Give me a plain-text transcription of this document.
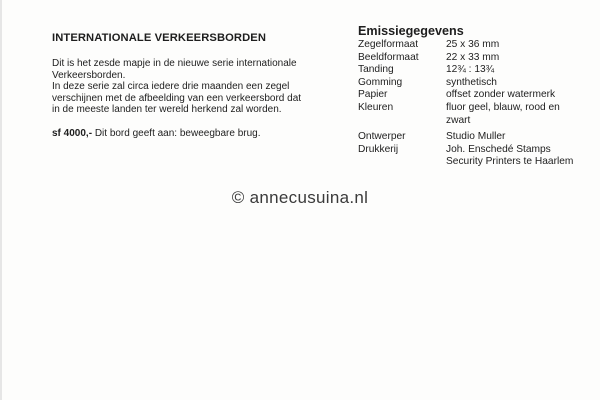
INTERNATIONALE VERKEERSBORDEN

Dit is het zesde mapje in de nieuwe serie internationale
Verkeersborden.
In deze serie zal circa iedere drie maanden een zegel
verschijnen met de afbeelding van een verkeersbord dat
in de meeste landen ter wereld herkend zal worden.

sf 4000,- Dit bord geeft aan: beweegbare brug.
Emissiegegevens
Zegelformaat	25 x 36 mm
Beeldformaat	22 x 33 mm
Tanding	12¾ : 13¾
Gomming	synthetisch
Papier	offset zonder watermerk
Kleuren	fluor geel, blauw, rood en
zwart
Ontwerper	Studio Muller
Drukkerij	Joh. Enschedé Stamps
Security Printers te Haarlem
© annecusuina.nl
